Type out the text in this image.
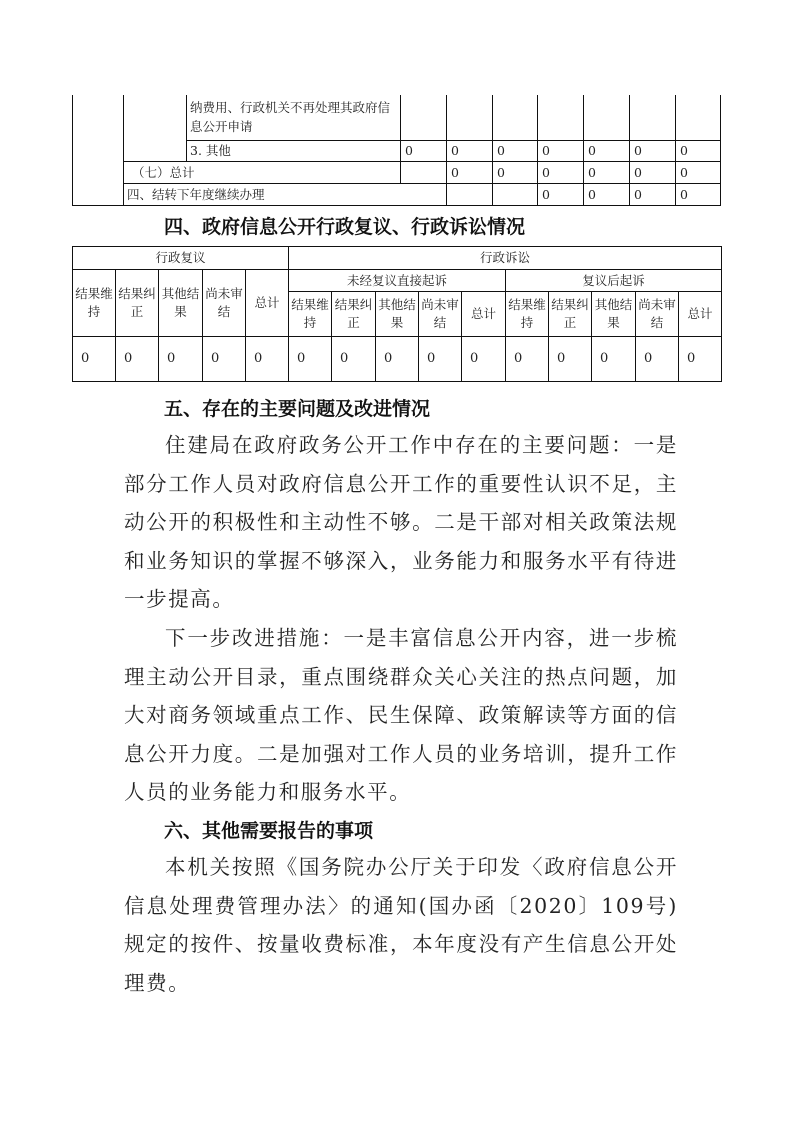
		纳费用、行政机关不再处理其政府信息公开申请								
		3. 其他	0	0	0	0	0	0	0	
	（七）总计			0	0	0	0	0	0	
	四、结转下年度继续办理					0	0	0	0	
四、政府信息公开行政复议、行政诉讼情况
行政复议					行政诉讼									
结果维持	结果纠正	其他结果	尚未审结	总计	未经复议直接起诉					复议后起诉				
					结果维持	结果纠正	其他结果	尚未审结	总计	结果维持	结果纠正	其他结果	尚未审结	总计
0	0	0	0	0	0	0	0	0	0	0	0	0	0	0
五、存在的主要问题及改进情况

住建局在政府政务公开工作中存在的主要问题：一是部分工作人员对政府信息公开工作的重要性认识不足，主动公开的积极性和主动性不够。二是干部对相关政策法规和业务知识的掌握不够深入，业务能力和服务水平有待进一步提高。

下一步改进措施：一是丰富信息公开内容，进一步梳理主动公开目录，重点围绕群众关心关注的热点问题，加大对商务领域重点工作、民生保障、政策解读等方面的信息公开力度。二是加强对工作人员的业务培训，提升工作人员的业务能力和服务水平。

六、其他需要报告的事项

本机关按照《国务院办公厅关于印发〈政府信息公开信息处理费管理办法〉的通知(国办函〔2020〕109号)规定的按件、按量收费标准，本年度没有产生信息公开处理费。
